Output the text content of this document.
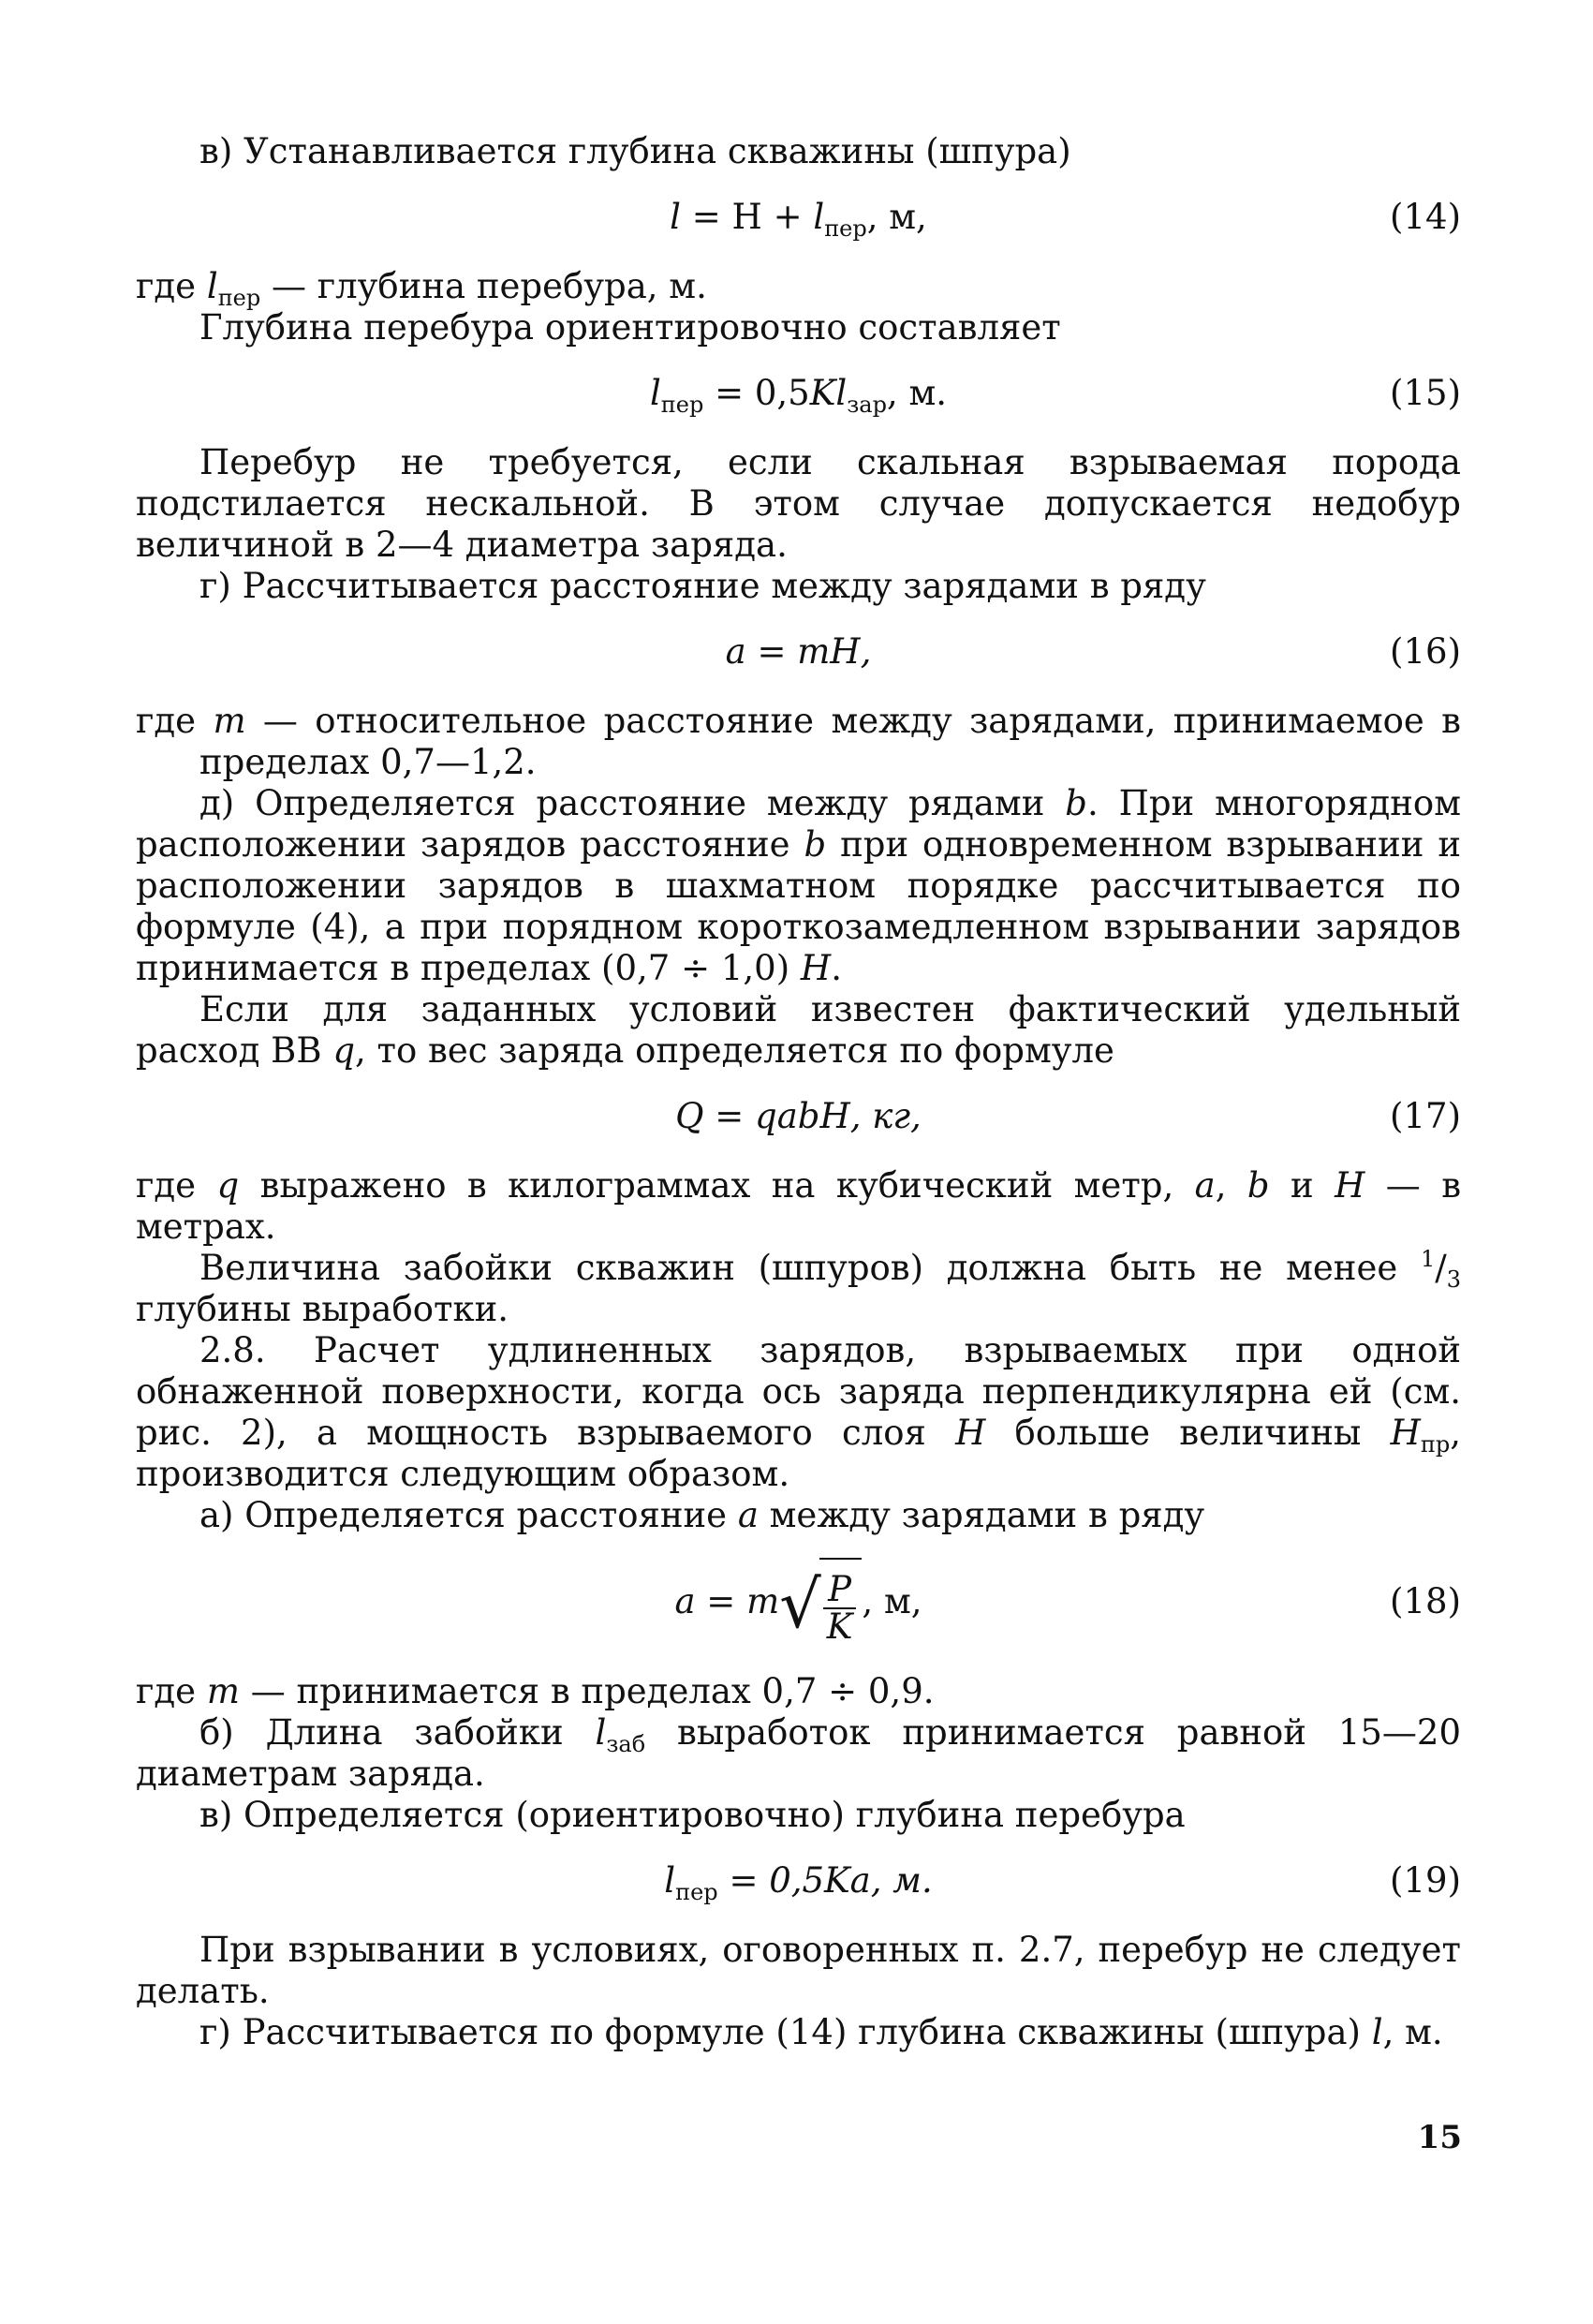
в) Устанавливается глубина скважины (шпура)

$l = H + l_{пер}$, м,	(14)

где $l_{пер}$ — глубина перебура, м.

Глубина перебура ориентировочно составляет

$l_{пер} = 0,5Kl_{зар}$, м.	(15)

Перебур не требуется, если скальная взрываемая порода подстилается нескальной. В этом случае допускается недобур величиной в 2—4 диаметра заряда.

г) Рассчитывается расстояние между зарядами в ряду

a = mH,	(16)

где m — относительное расстояние между зарядами, принимаемое в пределах 0,7—1,2.

д) Определяется расстояние между рядами b. При многорядном расположении зарядов расстояние b при одновременном взрывании и расположении зарядов в шахматном порядке рассчитывается по формуле (4), а при порядном короткозамедленном взрывании зарядов принимается в пределах (0,7 ÷ 1,0) H.

Если для заданных условий известен фактический удельный расход ВВ q, то вес заряда определяется по формуле

Q = qabH, кг,	(17)

где q выражено в килограммах на кубический метр, a, b и H — в метрах.

Величина забойки скважин (шпуров) должна быть не менее $^1/_3$ глубины выработки.

2.8. Расчет удлиненных зарядов, взрываемых при одной обнаженной поверхности, когда ось заряда перпендикулярна ей (см. рис. 2), а мощность взрываемого слоя H больше величины $H_{пр}$, производится следующим образом.

а) Определяется расстояние a между зарядами в ряду

$a = m√ \frac{P}{K}$ , м,	(18)

где m — принимается в пределах 0,7 ÷ 0,9.

б) Длина забойки $l_{заб}$ выработок принимается равной 15—20 диаметрам заряда.

в) Определяется (ориентировочно) глубина перебура

$l_{пер} = 0,5Ka$, м.	(19)

При взрывании в условиях, оговоренных п. 2.7, перебур не следует делать.

г) Рассчитывается по формуле (14) глубина скважины (шпура) l, м.

15
